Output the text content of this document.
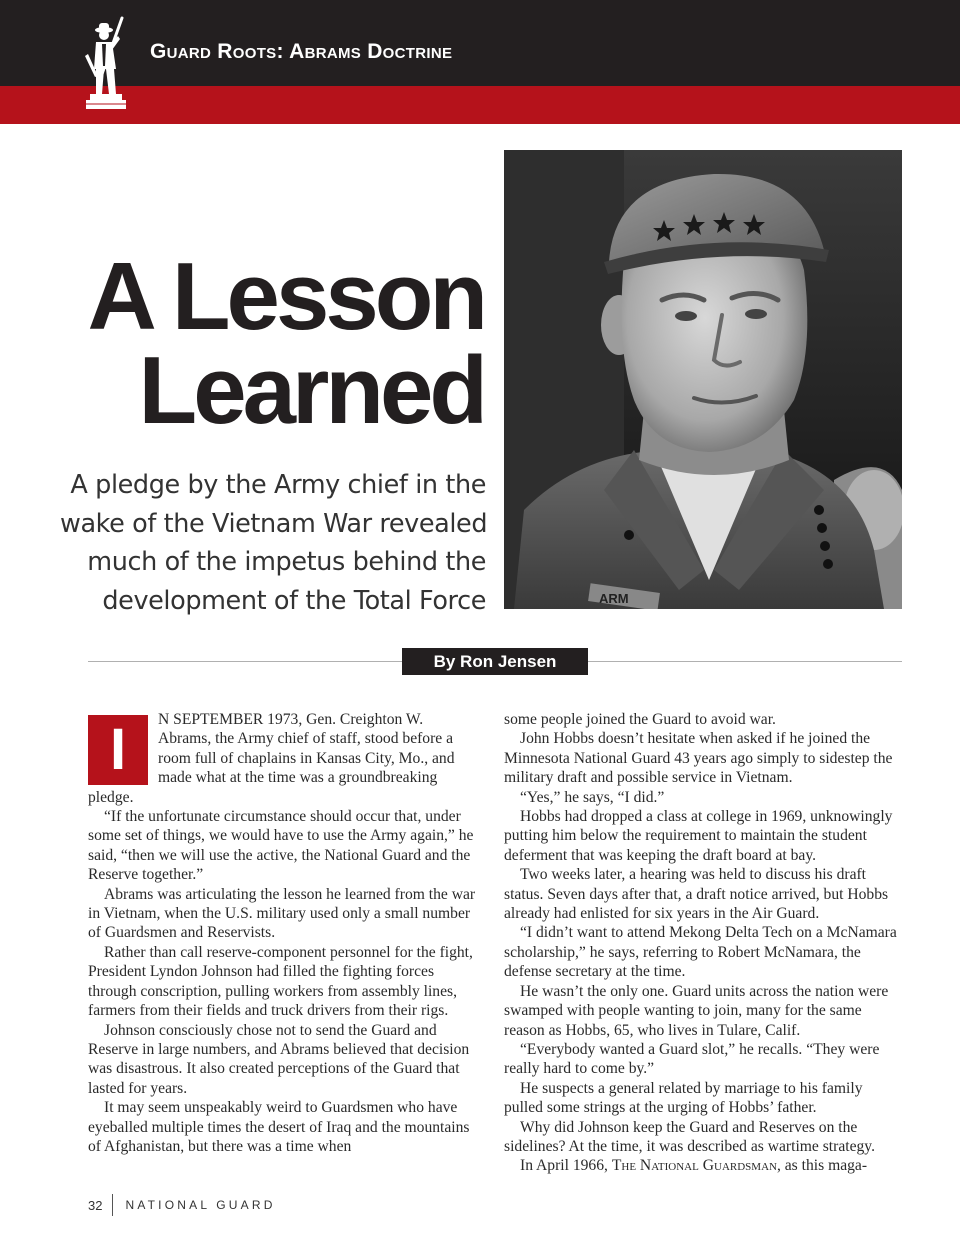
Guard Roots: Abrams Doctrine
A Lesson
Learned
A pledge by the Army chief in the
wake of the Vietnam War revealed
much of the impetus behind the
development of the Total Force	ARM
By Ron Jensen

I	N SEPTEMBER 1973, Gen. Creighton W. Abrams, the Army chief of staff, stood before a room full of chaplains in Kansas City, Mo., and made what at the time was a groundbreaking pledge.

“If the unfortunate circumstance should occur that, under some set of things, we would have to use the Army again,” he said, “then we will use the active, the National Guard and the Reserve together.”

Abrams was articulating the lesson he learned from the war in Vietnam, when the U.S. military used only a small number of Guardsmen and Reservists.

Rather than call reserve-component personnel for the fight, President Lyndon Johnson had filled the fighting forces through conscription, pulling workers from assembly lines, farmers from their fields and truck drivers from their rigs.

Johnson consciously chose not to send the Guard and Reserve in large numbers, and Abrams believed that decision was disastrous. It also created perceptions of the Guard that lasted for years.

It may seem unspeakably weird to Guardsmen who have eyeballed multiple times the desert of Iraq and the mountains of Afghanistan, but there was a time when

some people joined the Guard to avoid war.

John Hobbs doesn’t hesitate when asked if he joined the Minnesota National Guard 43 years ago simply to sidestep the military draft and possible service in Vietnam.

“Yes,” he says, “I did.”

Hobbs had dropped a class at college in 1969, unknowingly putting him below the requirement to maintain the student deferment that was keeping the draft board at bay.

Two weeks later, a hearing was held to discuss his draft status. Seven days after that, a draft notice arrived, but Hobbs already had enlisted for six years in the Air Guard.

“I didn’t want to attend Mekong Delta Tech on a McNamara scholarship,” he says, referring to Robert McNamara, the defense secretary at the time.

He wasn’t the only one. Guard units across the nation were swamped with people wanting to join, many for the same reason as Hobbs, 65, who lives in Tulare, Calif.

“Everybody wanted a Guard slot,” he recalls. “They were really hard to come by.”

He suspects a general related by marriage to his family pulled some strings at the urging of Hobbs’ father.

Why did Johnson keep the Guard and Reserves on the sidelines? At the time, it was described as wartime strategy.

In April 1966, The National Guardsman, as this maga-

32 NATIONAL GUARD
